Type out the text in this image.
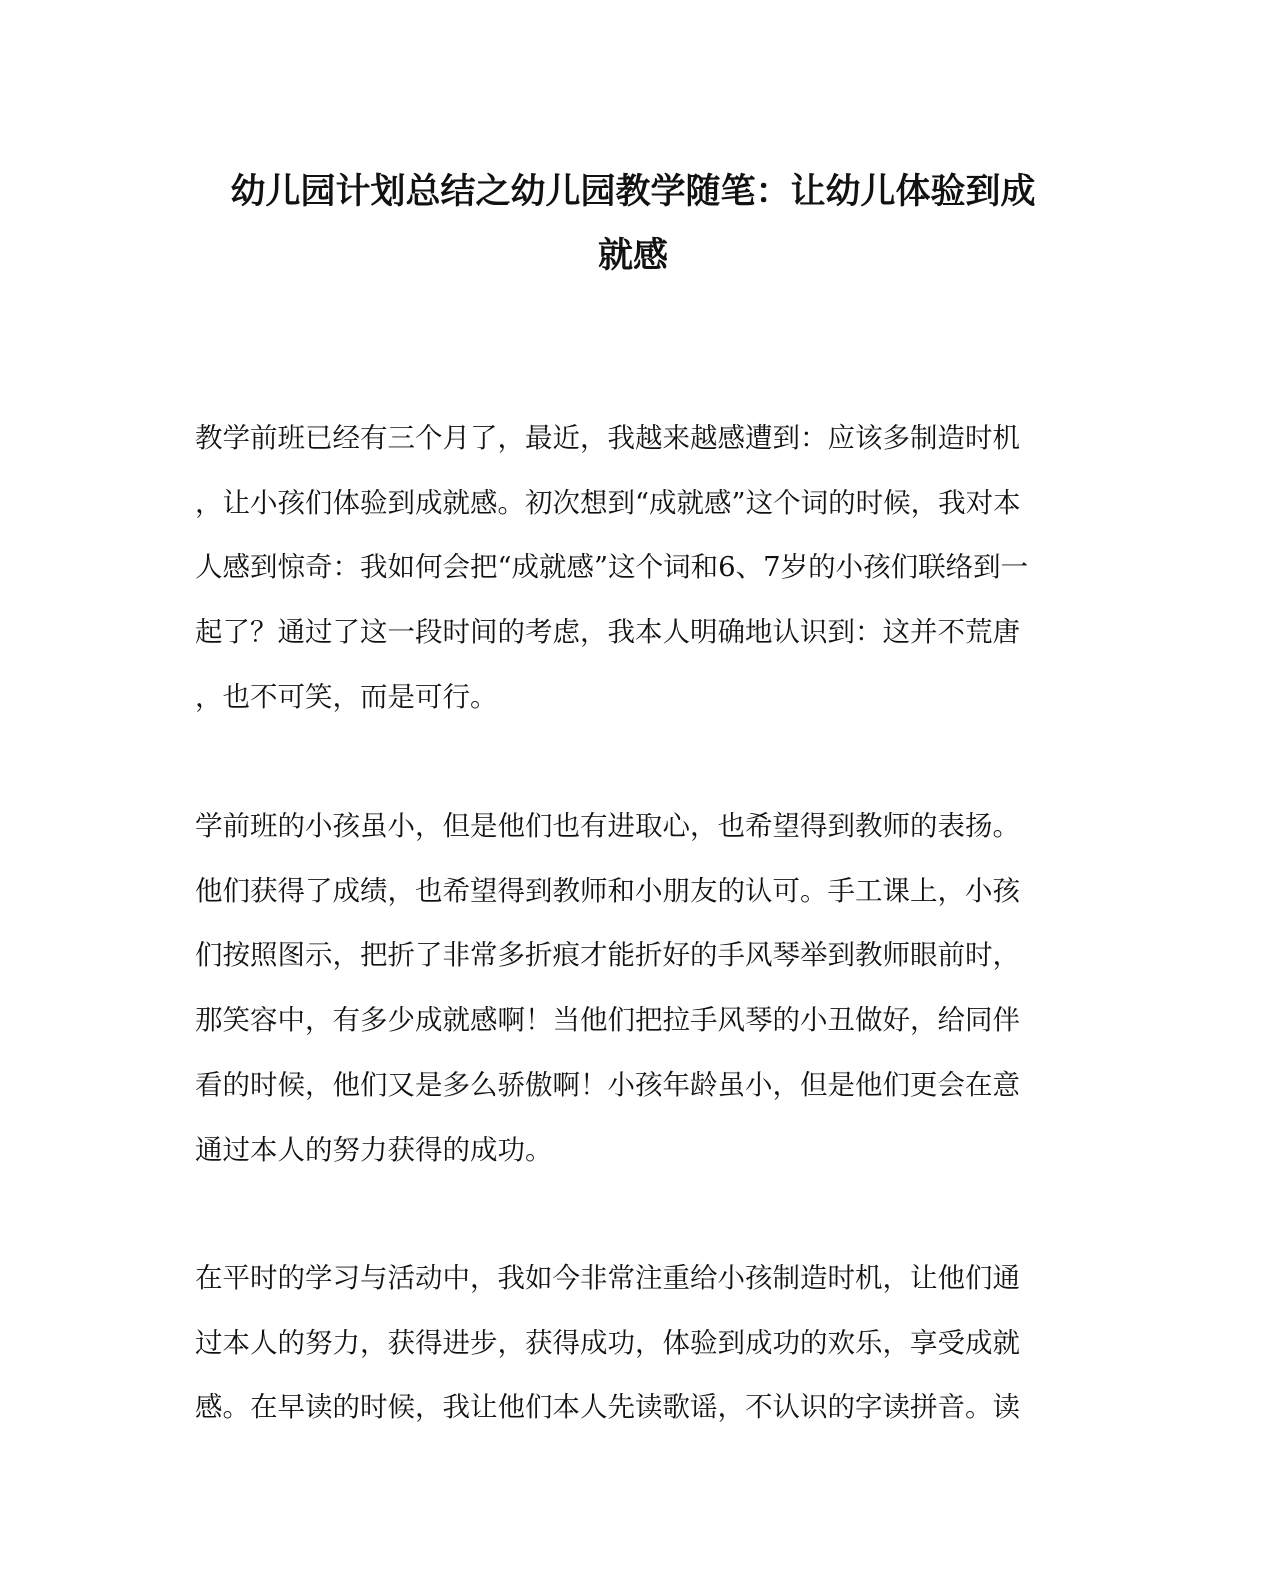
幼儿园计划总结之幼儿园教学随笔：让幼儿体验到成
就感

教学前班已经有三个月了，最近，我越来越感遭到：应该多制造时机
，让小孩们体验到成就感。初次想到“成就感”这个词的时候，我对本
人感到惊奇：我如何会把“成就感”这个词和6、7岁的小孩们联络到一
起了？通过了这一段时间的考虑，我本人明确地认识到：这并不荒唐
，也不可笑，而是可行。

学前班的小孩虽小，但是他们也有进取心，也希望得到教师的表扬。
他们获得了成绩，也希望得到教师和小朋友的认可。手工课上，小孩
们按照图示，把折了非常多折痕才能折好的手风琴举到教师眼前时，
那笑容中，有多少成就感啊！当他们把拉手风琴的小丑做好，给同伴
看的时候，他们又是多么骄傲啊！小孩年龄虽小，但是他们更会在意
通过本人的努力获得的成功。

在平时的学习与活动中，我如今非常注重给小孩制造时机，让他们通
过本人的努力，获得进步，获得成功，体验到成功的欢乐，享受成就
感。在早读的时候，我让他们本人先读歌谣，不认识的字读拼音。读
